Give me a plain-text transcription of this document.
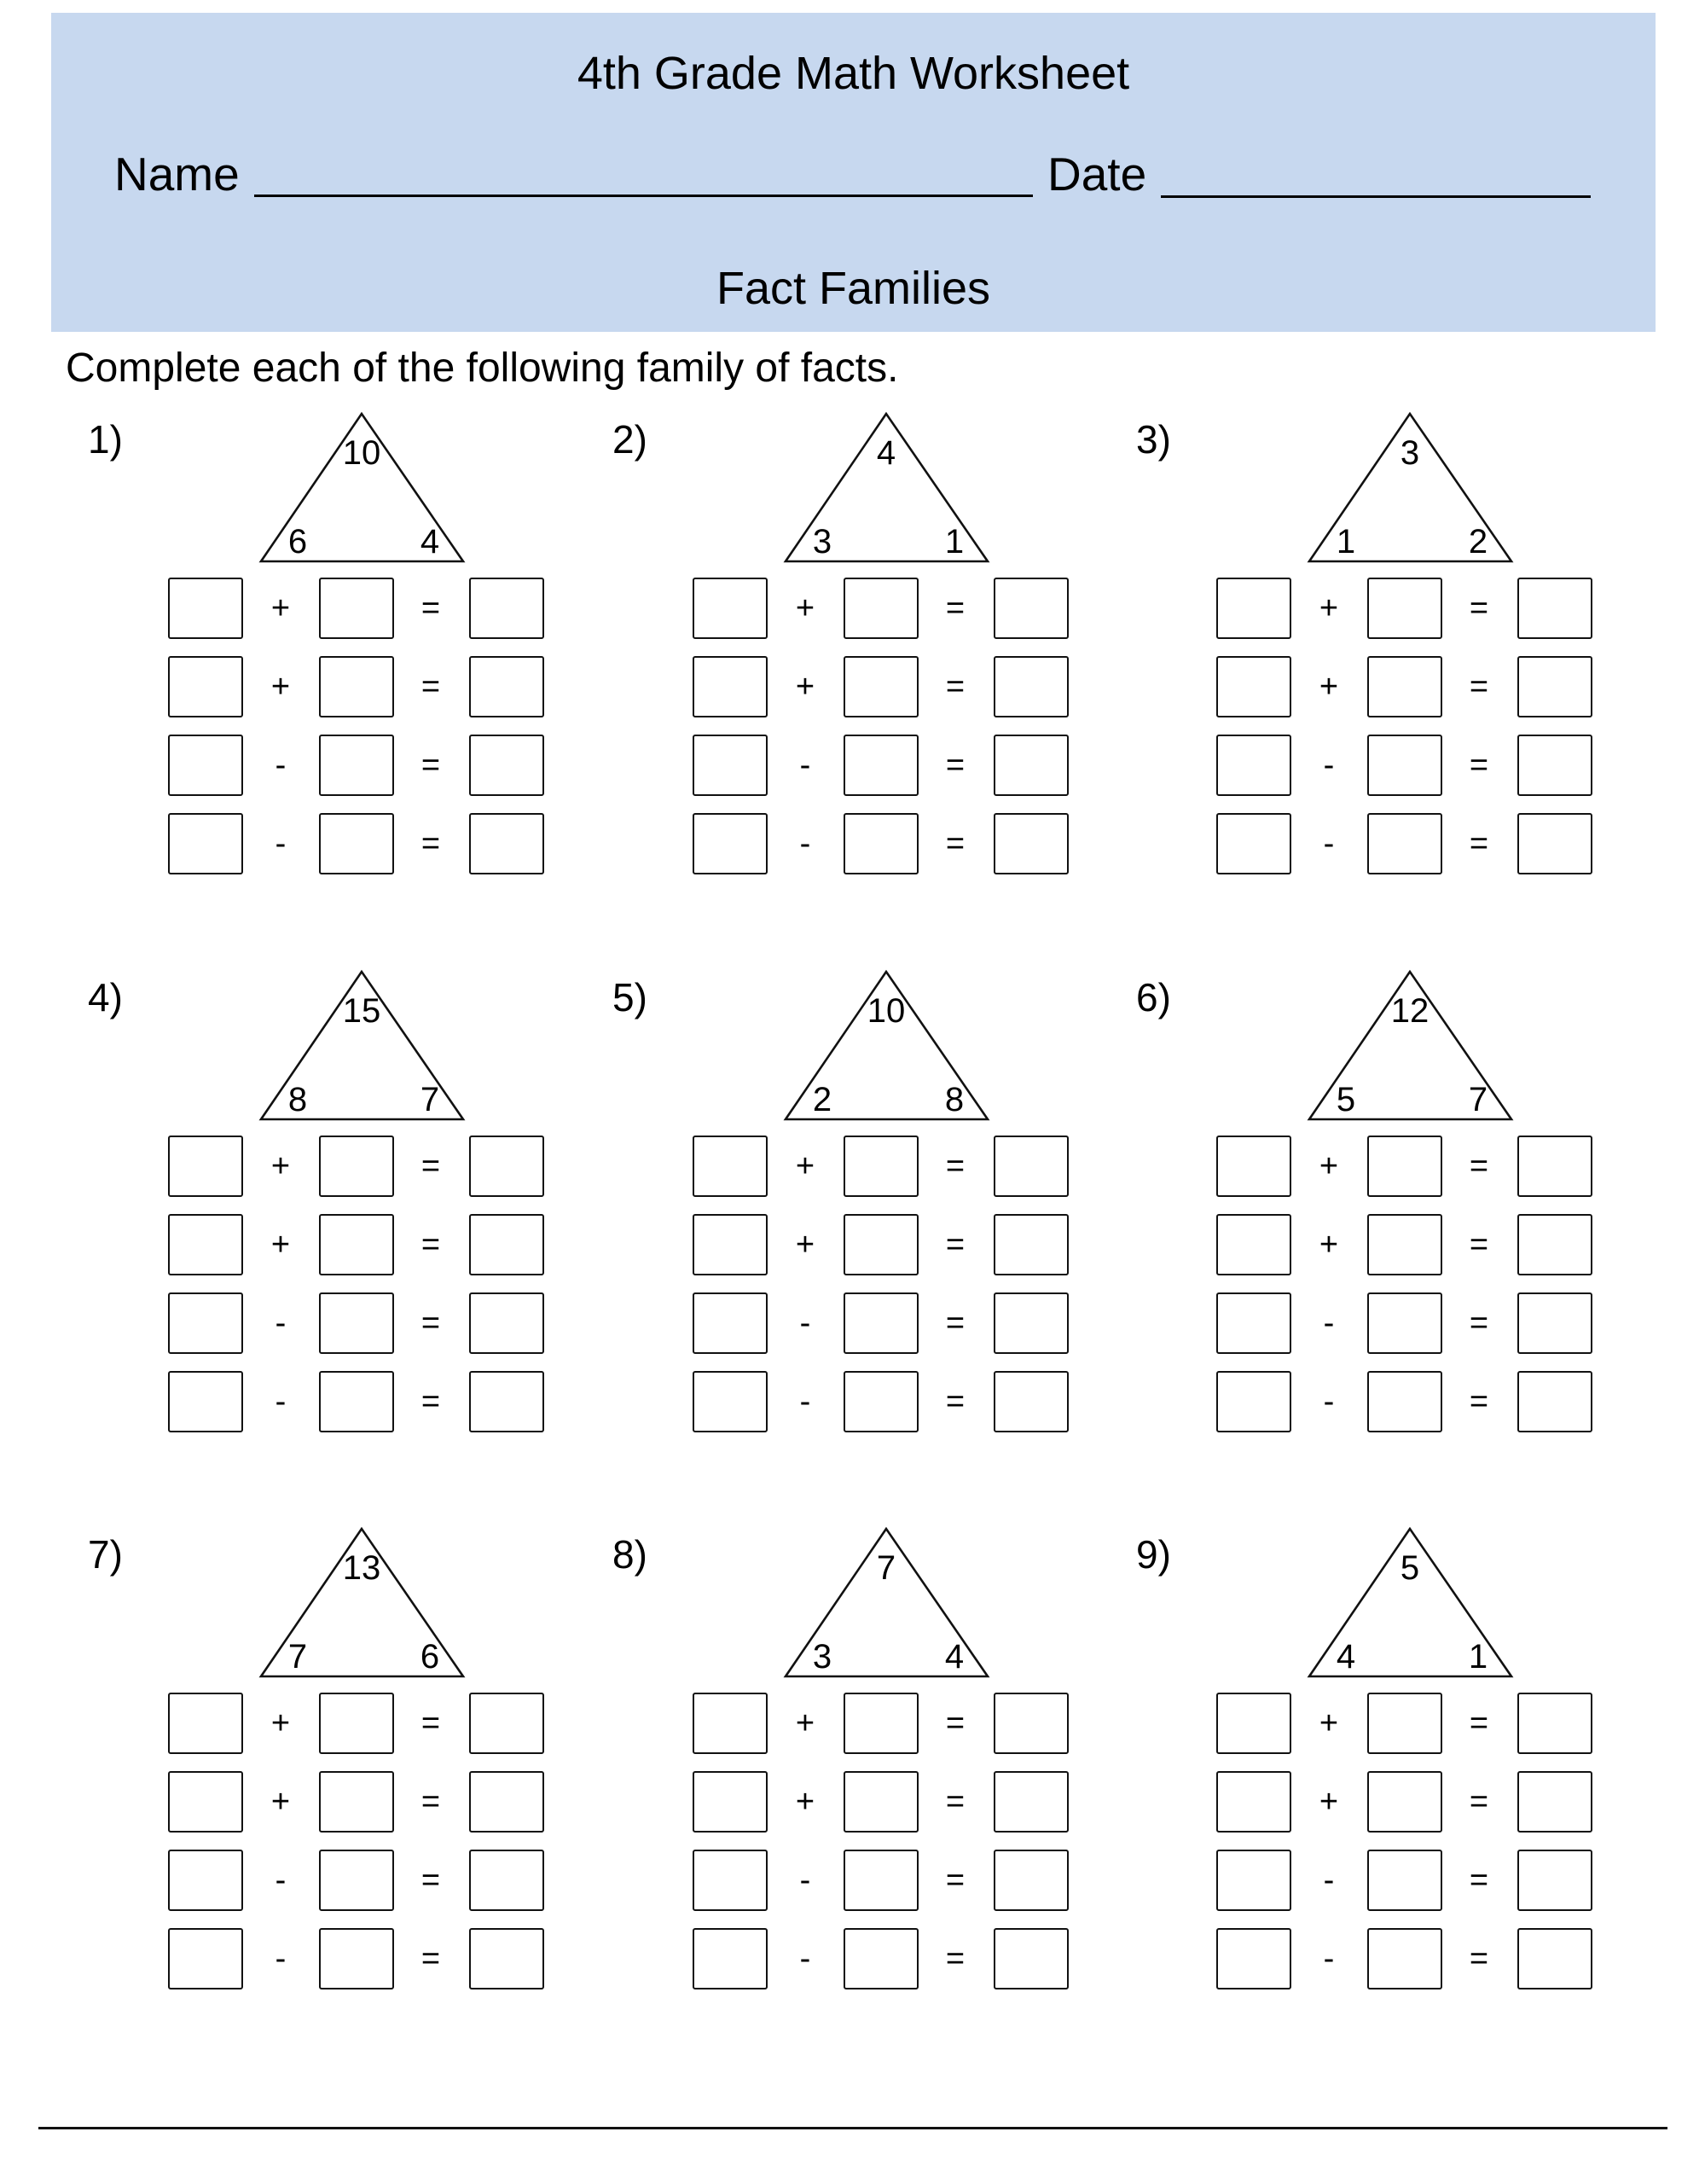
4th Grade Math Worksheet
Name	Date
Fact Families
Complete each of the following family of facts.
1)	10
6	4
+	=
+	=
-	=
-	=
2)	4
3	1
+	=
+	=
-	=
-	=
3)	3
1	2
+	=
+	=
-	=
-	=
4)	15
8	7
+	=
+	=
-	=
-	=
5)	10
2	8
+	=
+	=
-	=
-	=
6)	12
5	7
+	=
+	=
-	=
-	=
7)	13
7	6
+	=
+	=
-	=
-	=
8)	7
3	4
+	=
+	=
-	=
-	=
9)	5
4	1
+	=
+	=
-	=
-	=
